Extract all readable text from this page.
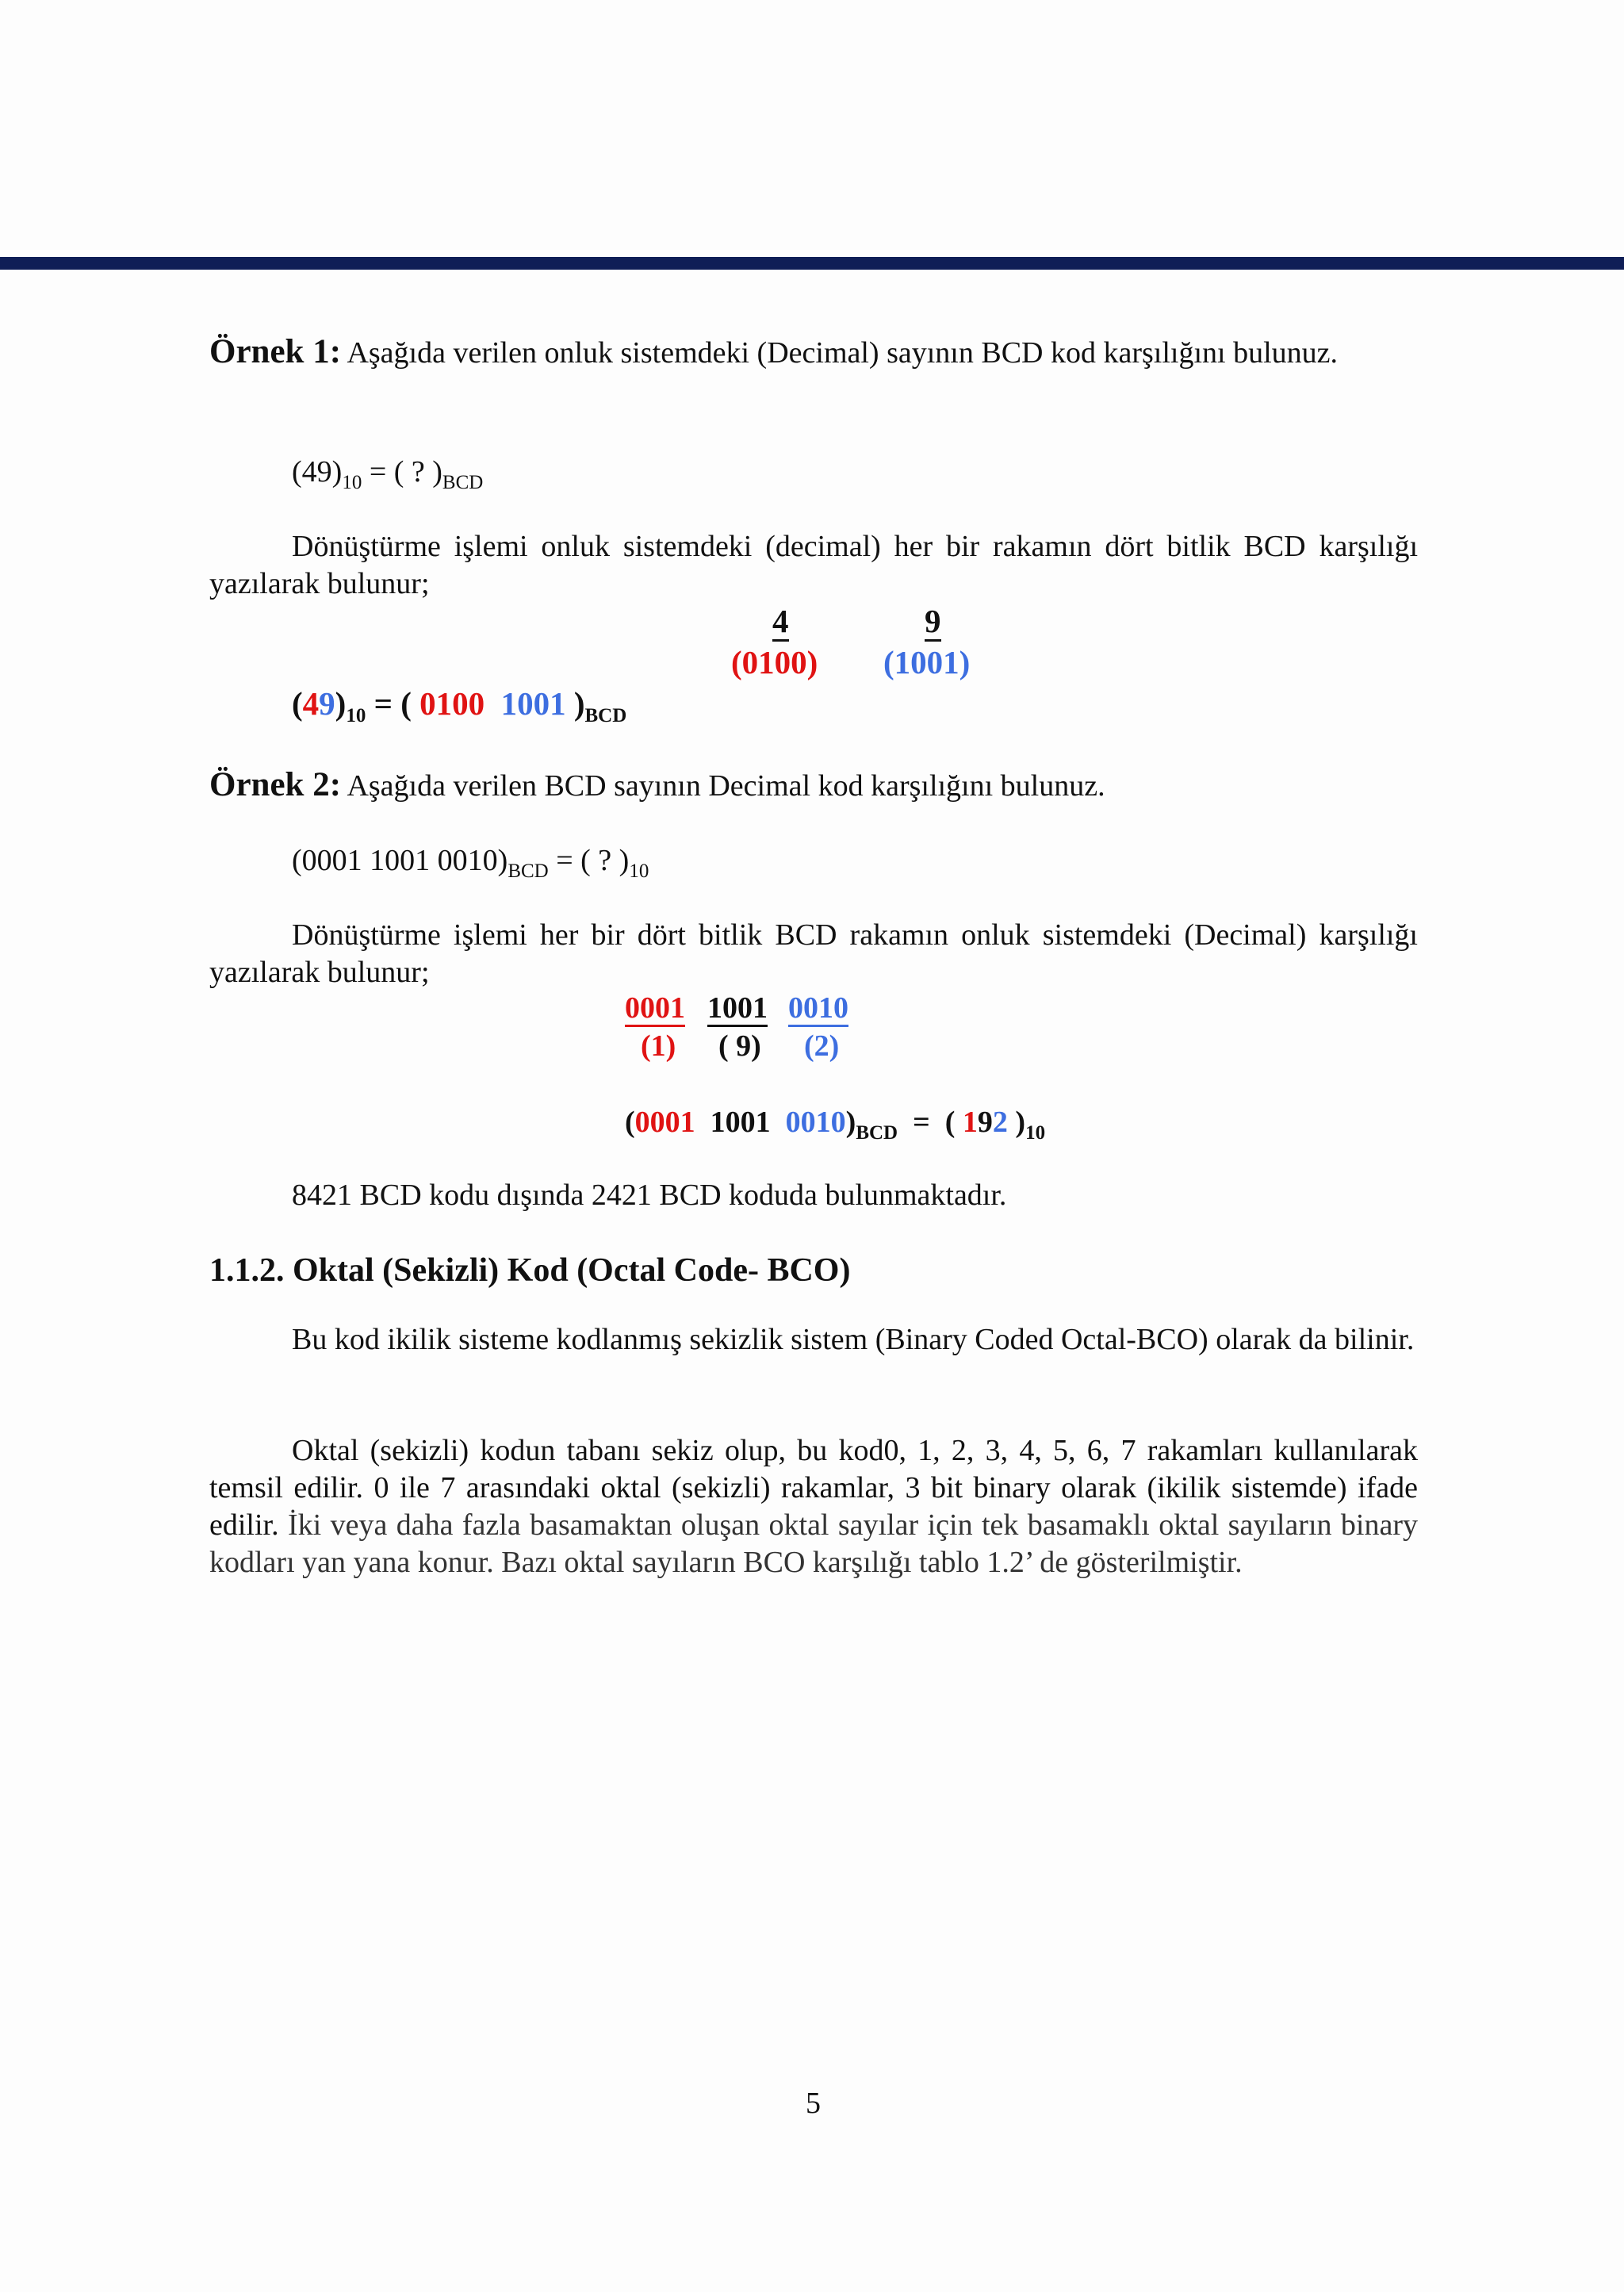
Örnek 1: Aşağıda verilen onluk sistemdeki (Decimal) sayının BCD kod karşılığını bulunuz.
$(49)_{10}$ = ( ? )$_{BCD}$
Dönüştürme işlemi onluk sistemdeki (decimal) her bir rakamın dört bitlik BCD karşılığı yazılarak bulunur;
4	9
(0100) (1001)
$(49)_{10}$ = ( 0100 1001 )$_{BCD}$
Örnek 2: Aşağıda verilen BCD sayının Decimal kod karşılığını bulunuz.
(0001 1001 $0010)_{BCD}$ = ( ? )$_{10}$
Dönüştürme işlemi her bir dört bitlik BCD rakamın onluk sistemdeki (Decimal) karşılığı yazılarak bulunur;
0001 1001 0010
(1) ( 9) (2)
(0001 1001 $0010)_{BCD}$  =  ( 192 )$_{10}$
8421 BCD kodu dışında 2421 BCD koduda bulunmaktadır.
1.1.2. Oktal (Sekizli) Kod (Octal Code- BCO)
Bu kod ikilik sisteme kodlanmış sekizlik sistem (Binary Coded Octal-BCO) olarak da bilinir.
Oktal (sekizli) kodun tabanı sekiz olup, bu kod0, 1, 2, 3, 4, 5, 6, 7 rakamları kullanılarak temsil edilir. 0 ile 7 arasındaki oktal (sekizli) rakamlar, 3 bit binary olarak (ikilik sistemde) ifade edilir. İki veya daha fazla basamaktan oluşan oktal sayılar için tek basamaklı oktal sayıların binary kodları yan yana konur. Bazı oktal sayıların BCO karşılığı tablo 1.2’ de gösterilmiştir.
5
